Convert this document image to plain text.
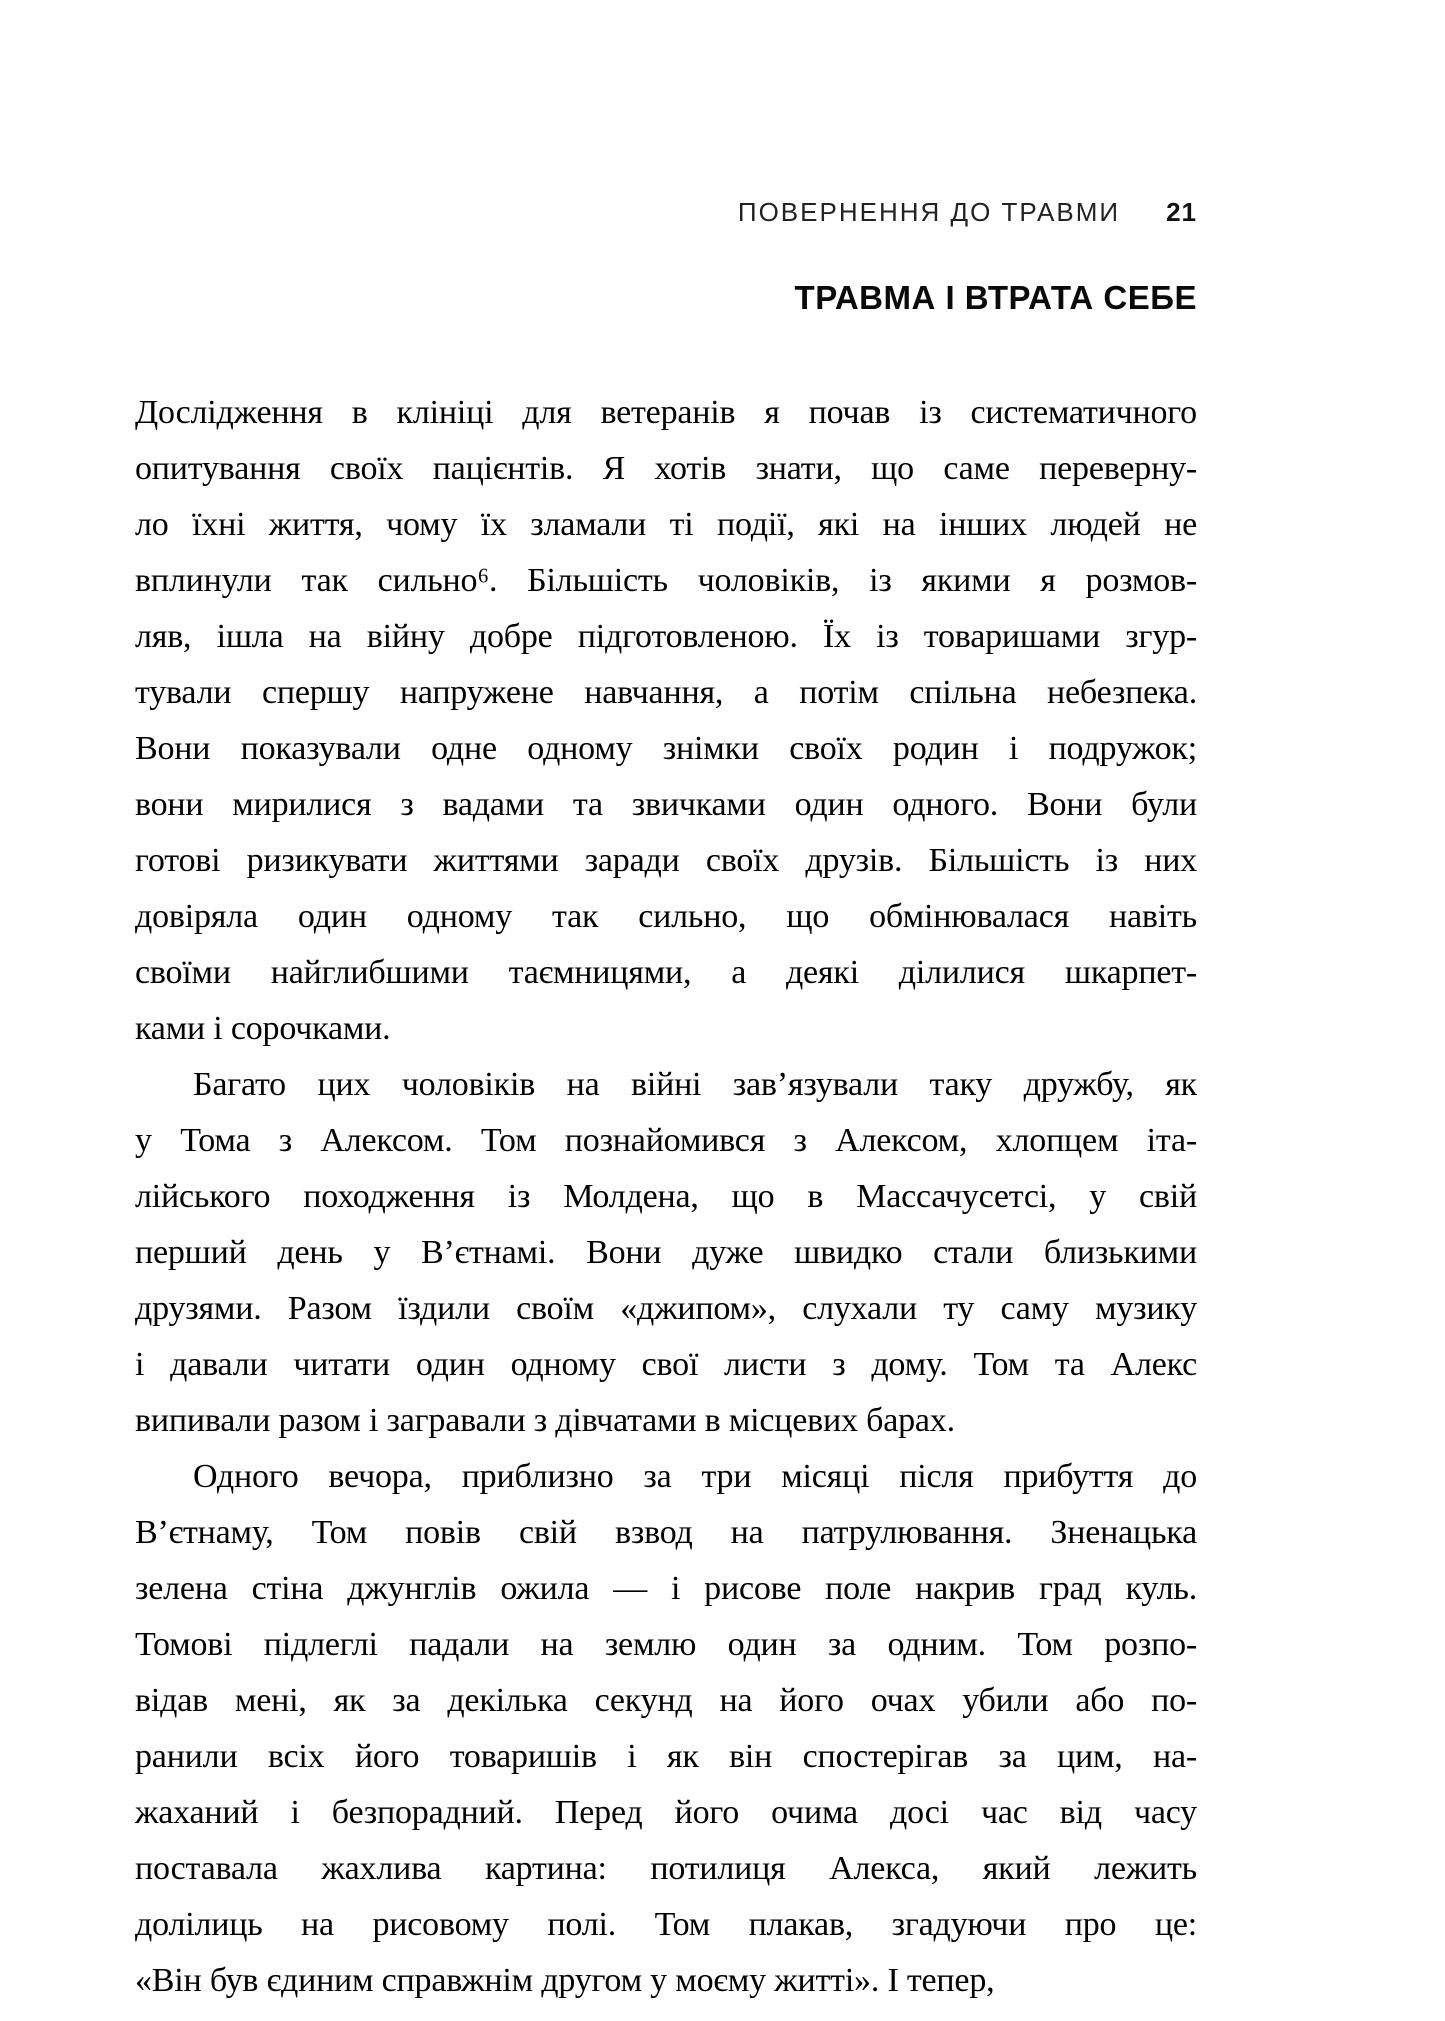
ПОВЕРНЕННЯ ДО ТРАВМИ 21
ТРАВМА І ВТРАТА СЕБЕ
Дослідження в клініці для ветеранів я почав із систематичного
опитування своїх пацієнтів. Я хотів знати, що саме переверну-
ло їхні життя, чому їх зламали ті події, які на інших людей не
вплинули так сильно⁶. Більшість чоловіків, із якими я розмов-
ляв, ішла на війну добре підготовленою. Їх із товаришами згур-
тували спершу напружене навчання, а потім спільна небезпека.
Вони показували одне одному знімки своїх родин і подружок;
вони мирилися з вадами та звичками один одного. Вони були
готові ризикувати життями заради своїх друзів. Більшість із них
довіряла один одному так сильно, що обмінювалася навіть
своїми найглибшими таємницями, а деякі ділилися шкарпет-
ками і сорочками.
Багато цих чоловіків на війні зав’язували таку дружбу, як
у Тома з Алексом. Том познайомився з Алексом, хлопцем іта-
лійського походження із Молдена, що в Массачусетсі, у свій
перший день у В’єтнамі. Вони дуже швидко стали близькими
друзями. Разом їздили своїм «джипом», слухали ту саму музику
і давали читати один одному свої листи з дому. Том та Алекс
випивали разом і загравали з дівчатами в місцевих барах.
Одного вечора, приблизно за три місяці після прибуття до
В’єтнаму, Том повів свій взвод на патрулювання. Зненацька
зелена стіна джунглів ожила — і рисове поле накрив град куль.
Томові підлеглі падали на землю один за одним. Том розпо-
відав мені, як за декілька секунд на його очах убили або по-
ранили всіх його товаришів і як він спостерігав за цим, на-
жаханий і безпорадний. Перед його очима досі час від часу
поставала жахлива картина: потилиця Алекса, який лежить
долілиць на рисовому полі. Том плакав, згадуючи про це:
«Він був єдиним справжнім другом у моєму житті». І тепер,
